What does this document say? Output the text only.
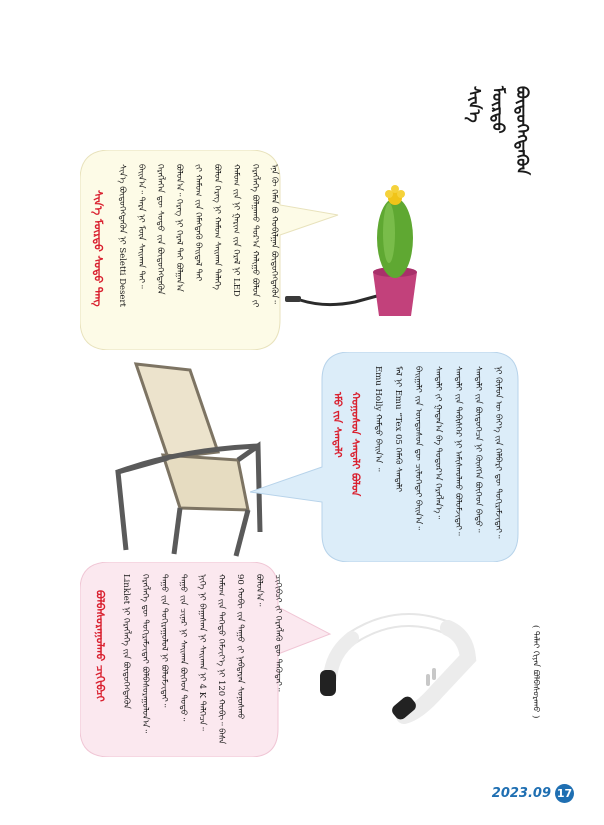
ᠰᠢᠨ᠎ᠡ ᠮᠥᠷᠲᠦ ᠪᠦᠲᠦᠭᠡᠭᠳᠡᠬᠦᠨ
ᠰᠢᠨ᠎ᠡ ᠮᠥᠷᠲᠦ ᠰᠣᠳᠤ ᠳᠡᠩ	ᠰᠢᠨ᠎ᠡ ᠪᠦᠲᠦᠭᠡᠭᠳᠡᠬᠦᠨ ᠨᠢ Seletti Desert	ᠪᠠᠢᠨ᠎ᠠ᠃ ᠲᠡᠷᠡ ᠨᠢ ᠮᠥᠨ ᠰᠠᠢᠬᠠᠨ ᠲᠠᠢ᠃	ᠬᠡᠷᠡᠭᠯᠡᠭᠡᠨ ᠳᠦ ᠰᠣᠳᠤ ᠶ᠋ᠢᠨ ᠪᠦᠲᠦᠭᠡᠭᠳᠡᠬᠦᠨ	ᠪᠣᠯᠤᠨ᠎ᠠ᠃ ᠬᠡᠷᠡᠭ ᠨᠢ ᠭᠡᠷᠡᠯ ᠲᠡᠢ ᠪᠣᠯᠭᠠᠨ᠎ᠠ	ᠶ᠋ᠢ ᠬᠠᠮᠤᠭ ᠶ᠋ᠢᠨ ᠬᠡᠮᠡᠭᠳᠡᠬᠦ ᠪᠠᠢᠳᠠᠯ ᠲᠠᠢ	ᠪᠣᠯᠤᠨ ᠬᠡᠷᠡᠭ ᠨᠢ ᠬᠠᠮᠤᠭ ᠰᠠᠢᠬᠠᠨ ᠳᠡᠯᠡᠭᠡ	ᠬᠠᠮᠤᠭ ᠶ᠋ᠢᠨ ᠨᠢ ᠭᠠᠷᠢᠭ ᠶ᠋ᠢᠨ ᠭᠡᠷᠡᠯ ᠨᠢ LED	ᠬᠡᠷᠡᠭᠯᠡᠭᠡ ᠪᠣᠯᠭᠠᠬᠤ ᠳᠤᠷ᠎ᠠ ᠬᠠᠯᠢᠭᠤ ᠪᠣᠯᠤᠨ ᠶ᠋ᠢ	ᠡᠨᠡ ᠬᠦ ᠬᠡᠮᠡᠨ ᠪᠣ ᠬᠣᠪᠢᠯᠭᠠᠨ ᠪᠦᠲᠦᠭᠡᠭᠳᠡᠬᠦᠨ᠃
ᠡᠮᠦ ᠶ᠋ᠢᠨ ᠰᠠᠨᠳᠠᠯᠢ ᠬᠣᠭᠤᠰᠤᠨ ᠰᠠᠨᠳᠠᠯᠢ ᠪᠣᠯᠤᠨ	Emu Holly ᠬᠠᠮᠲᠤ ᠪᠠᠢᠨ᠎ᠠ ᠃	ᠮᠠᠯ ᠨᠢ Emu “Tex 05 ᠬᠡᠮᠡᠬᠦ ᠰᠠᠨᠳᠠᠯᠢ	ᠪᠠᠢᠭᠠᠯᠢ ᠶ᠋ᠢᠨ ᠦᠨᠳᠦᠰᠦᠨ ᠳᠦ ᠴᠢᠯᠦᠭᠡᠲᠡᠢ ᠪᠠᠢᠨ᠎ᠠ᠃	ᠰᠠᠨᠳᠠᠯᠢ ᠶ᠋ᠢ ᠭᠠᠳᠠᠨ᠎ᠠ ᠪᠠ ᠳᠣᠲᠣᠷ᠎ᠠ ᠬᠡᠷᠡᠭᠯᠡᠨ᠎ᠡ᠃	ᠰᠠᠨᠳᠠᠯᠢ ᠶ᠋ᠢᠨ ᠳᠡᠪᠢᠰᠭᠡᠷ ᠨᠢ ᠠᠮᠢᠰᠭᠤᠯᠬᠤ ᠪᠣᠯᠤᠮᠵᠢᠲᠠᠢ᠃	ᠰᠠᠨᠳᠠᠯᠢ ᠶ᠋ᠢᠨ ᠪᠦᠲᠦᠭᠡᠴᠡ ᠨᠢ ᠬᠥᠩᠭᠡᠨ ᠪᠥᠭᠡᠳ ᠪᠠᠲᠤ᠃	ᠨᠢ ᠬᠦᠮᠦᠨ ᠦ ᠪᠡᠶ᠎ᠡ ᠶ᠋ᠢᠨ ᠬᠡᠯᠪᠡᠷᠢ ᠳᠦ ᠲᠣᠬᠢᠷᠠᠮᠵᠢᠲᠠᠢ᠃
ᠪᠣᠯᠪᠠᠰᠤᠷᠠᠭᠤᠯᠬᠤ ᠴᠢᠬᠢᠪᠴᠢ	Linklet ᠨᠢ ᠬᠡᠷᠡᠭᠯᠡᠭᠡ ᠶ᠋ᠢᠨ ᠪᠦᠲᠦᠭᠡᠭᠳᠡᠬᠦᠨ	ᠬᠡᠷᠡᠭᠯᠡᠭᠡ ᠳᠦ ᠲᠣᠬᠢᠷᠠᠮᠵᠢᠲᠠᠢ ᠪᠣᠯᠪᠠᠰᠤᠷᠠᠭᠤᠯᠤᠨ᠎ᠠ᠃	ᠳᠠᠭᠤ ᠶ᠋ᠢᠨ ᠲᠣᠬᠢᠷᠠᠭᠤᠯᠤᠯ ᠨᠢ ᠪᠣᠯᠤᠮᠵᠢᠲᠠᠢ᠃	ᠳᠠᠭᠤ ᠶ᠋ᠢᠨ ᠴᠢᠨᠠᠷ ᠨᠢ ᠰᠠᠢᠬᠠᠨ ᠪᠥᠭᠡᠳ ᠲᠣᠳᠣ᠃	ᠨᠢᠭᠡ ᠨᠢ ᠪᠠᠭᠠᠰᠬᠠ ᠨᠢ ᠰᠠᠢᠬᠠᠨ ᠨᠢ 4 K ᠳᠡᠯᠭᠡᠴᠡ᠃	ᠬᠠᠮᠤᠭ ᠶ᠋ᠢᠨ ᠳᠡᠭᠡᠳᠦ ᠬᠡᠮᠵᠢᠶ᠎ᠡ ᠨᠢ 120 ᠬᠤᠪᠢ᠃ ᠪᠠᠰᠠ	90 ᠬᠤᠪᠢ ᠶ᠋ᠢᠨ ᠳᠠᠭᠤ ᠶ᠋ᠢ ᠨᠡᠪᠲᠡᠷᠡᠨ ᠰᠣᠨᠣᠰᠬᠤ ᠪᠣᠯᠤᠨ᠎ᠠ᠃	ᠴᠢᠬᠢᠪᠴᠢ ᠶ᠋ᠢ ᠬᠡᠷᠡᠭᠯᠡᠬᠦ ᠳᠦ ᠳᠡᠭᠦᠳᠡᠢ᠃	( ᠳᠠᠯᠠᠢ ᠭᠢᠶᠠᠨ ᠪᠣᠯᠪᠠᠰᠤᠷᠠᠬᠤ )
2023.09 17
